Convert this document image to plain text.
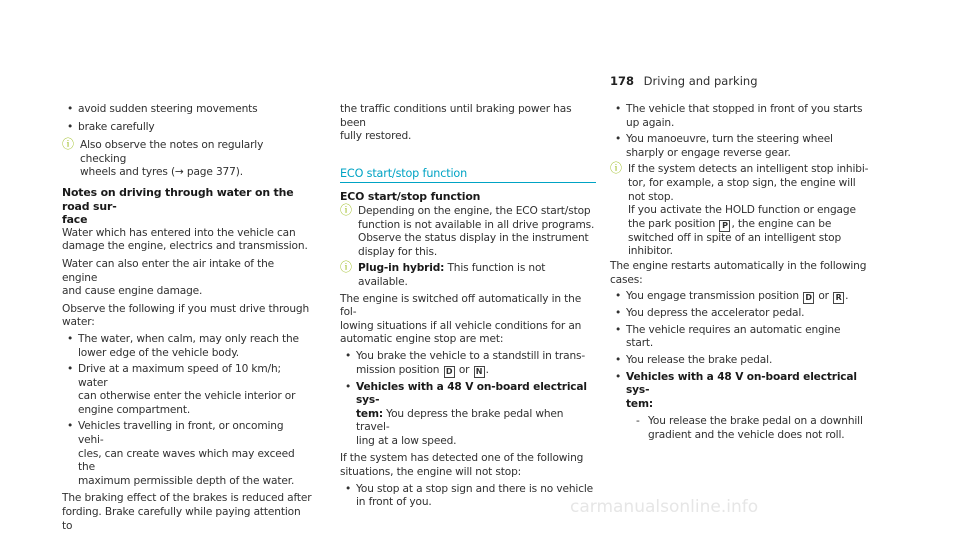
178 Driving and parking
• avoid sudden steering movements
• brake carefully
ⓘ Also observe the notes on regularly checking
wheels and tyres (→ page 377).
Notes on driving through water on the road sur-
face

Water which has entered into the vehicle can
damage the engine, electrics and transmission.

Water can also enter the air intake of the engine
and cause engine damage.

Observe the following if you must drive through
water:

• The water, when calm, may only reach the
lower edge of the vehicle body.
• Drive at a maximum speed of 10 km/h; water
can otherwise enter the vehicle interior or
engine compartment.
• Vehicles travelling in front, or oncoming vehi-
cles, can create waves which may exceed the
maximum permissible depth of the water.

The braking effect of the brakes is reduced after
fording. Brake carefully while paying attention to

the traffic conditions until braking power has been
fully restored.

ECO start/stop function
ECO start/stop function
ⓘ Depending on the engine, the ECO start/stop
function is not available in all drive programs.
Observe the status display in the instrument
display for this.
ⓘ Plug-in hybrid: This function is not available.

The engine is switched off automatically in the fol-
lowing situations if all vehicle conditions for an
automatic engine stop are met:

• You brake the vehicle to a standstill in trans-
mission position D or N .
• Vehicles with a 48 V on-board electrical sys-
tem: You depress the brake pedal when travel-
ling at a low speed.

If the system has detected one of the following
situations, the engine will not stop:

• You stop at a stop sign and there is no vehicle
in front of you.
• The vehicle that stopped in front of you starts
up again.
• You manoeuvre, turn the steering wheel
sharply or engage reverse gear.
ⓘ If the system detects an intelligent stop inhibi-
tor, for example, a stop sign, the engine will
not stop.
If you activate the HOLD function or engage
the park position P , the engine can be
switched off in spite of an intelligent stop
inhibitor.

The engine restarts automatically in the following
cases:

• You engage transmission position D or R .
• You depress the accelerator pedal.
• The vehicle requires an automatic engine
start.
• You release the brake pedal.
• Vehicles with a 48 V on-board electrical sys-
tem:
- You release the brake pedal on a downhill
gradient and the vehicle does not roll.
carmanualsonline.info
